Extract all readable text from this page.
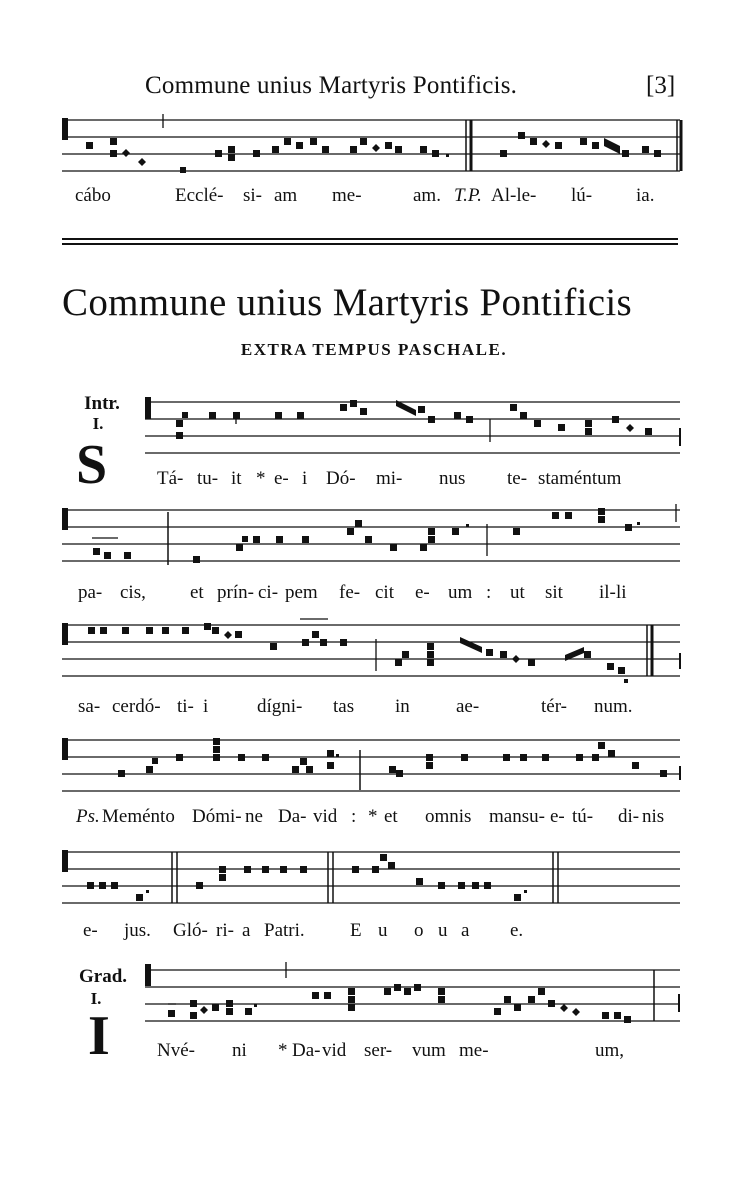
Commune unius Martyris Pontificis.	[3]
cábo	Ecclé- si- am me-	am. T.P. Al-le- lú- ia.
Commune unius Martyris Pontificis
EXTRA TEMPUS PASCHALE.
Intr.
I.
S	Tá- tu- it * e- i Dó- mi- nus te- staméntum
pa- cis, et prín- ci- pem fe- cit e- um : ut sit il- li
sa- cerdó- ti- i	dígni- tas in ae-	tér- num.
Ps. Meménto Dómi- ne Da- vid : * et omnis mansu- e- tú- di- nis
e- jus. Gló- ri- a Patri. E u o u a e.
Grad.
I.
I Nvé- ni * Da- vid ser- vum me-	um,
